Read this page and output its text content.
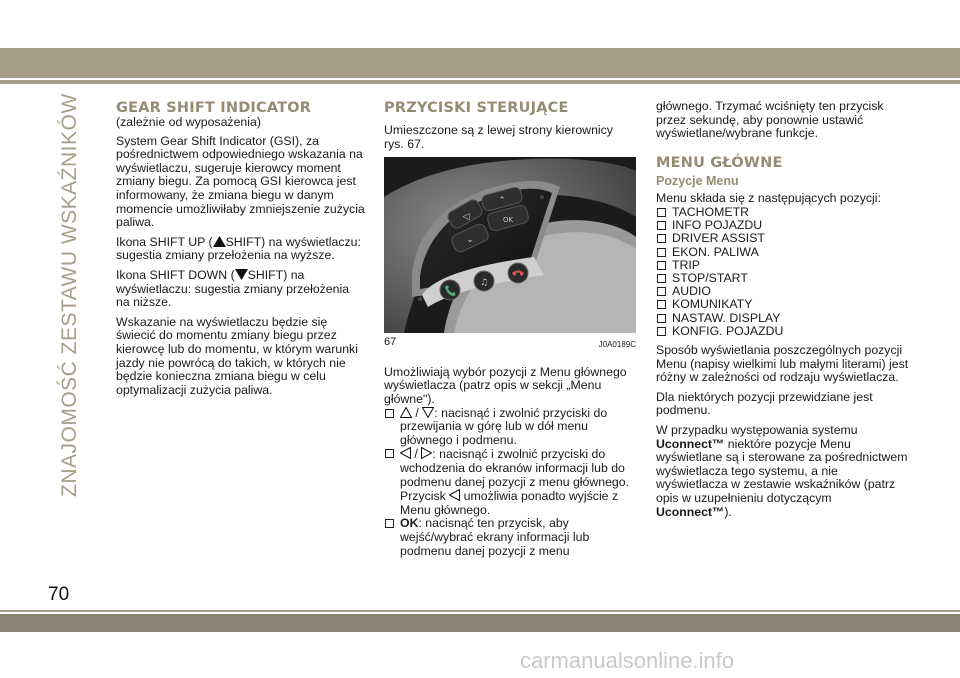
ZNAJOMOŚĆ ZESTAWU WSKAŹNIKÓW
70
GEAR SHIFT INDICATOR

(zależnie od wyposażenia)

System Gear Shift Indicator (GSI), za pośrednictwem odpowiedniego wskazania na wyświetlaczu, sugeruje kierowcy moment zmiany biegu. Za pomocą GSI kierowca jest informowany, że zmiana biegu w danym momencie umożliwiłaby zmniejszenie zużycia paliwa.

Ikona SHIFT UP ( SHIFT) na wyświetlaczu: sugestia zmiany przełożenia na wyższe.

Ikona SHIFT DOWN ( SHIFT) na wyświetlaczu: sugestia zmiany przełożenia na niższe.

Wskazanie na wyświetlaczu będzie się świecić do momentu zmiany biegu przez kierowcę lub do momentu, w którym warunki jazdy nie powrócą do takich, w których nie będzie konieczna zmiana biegu w celu optymalizacji zużycia paliwa.

PRZYCISKI STERUJĄCE

Umieszczone są z lewej strony kierownicy rys. 67.

⌃
◁	OK
⌄
♫
67	J0A0189C

Umożliwiają wybór pozycji z Menu głównego wyświetlacza (patrz opis w sekcji „Menu główne").

/ : nacisnąć i zwolnić przyciski do przewijania w górę lub w dół menu głównego i podmenu.
/ : nacisnąć i zwolnić przyciski do wchodzenia do ekranów informacji lub do podmenu danej pozycji z menu głównego. Przycisk umożliwia ponadto wyjście z Menu głównego.
OK: nacisnąć ten przycisk, aby wejść/wybrać ekrany informacji lub podmenu danej pozycji z menu

głównego. Trzymać wciśnięty ten przycisk przez sekundę, aby ponownie ustawić wyświetlane/wybrane funkcje.

MENU GŁÓWNE
Pozycje Menu

Menu składa się z następujących pozycji:

TACHOMETR
INFO POJAZDU
DRIVER ASSIST
EKON. PALIWA
TRIP
STOP/START
AUDIO
KOMUNIKATY
NASTAW. DISPLAY
KONFIG. POJAZDU

Sposób wyświetlania poszczególnych pozycji Menu (napisy wielkimi lub małymi literami) jest różny w zależności od rodzaju wyświetlacza.

Dla niektórych pozycji przewidziane jest podmenu.

W przypadku występowania systemu Uconnect™ niektóre pozycje Menu wyświetlane są i sterowane za pośrednictwem wyświetlacza tego systemu, a nie wyświetlacza w zestawie wskaźników (patrz opis w uzupełnieniu dotyczącym Uconnect™).

carmanualsonline.info
